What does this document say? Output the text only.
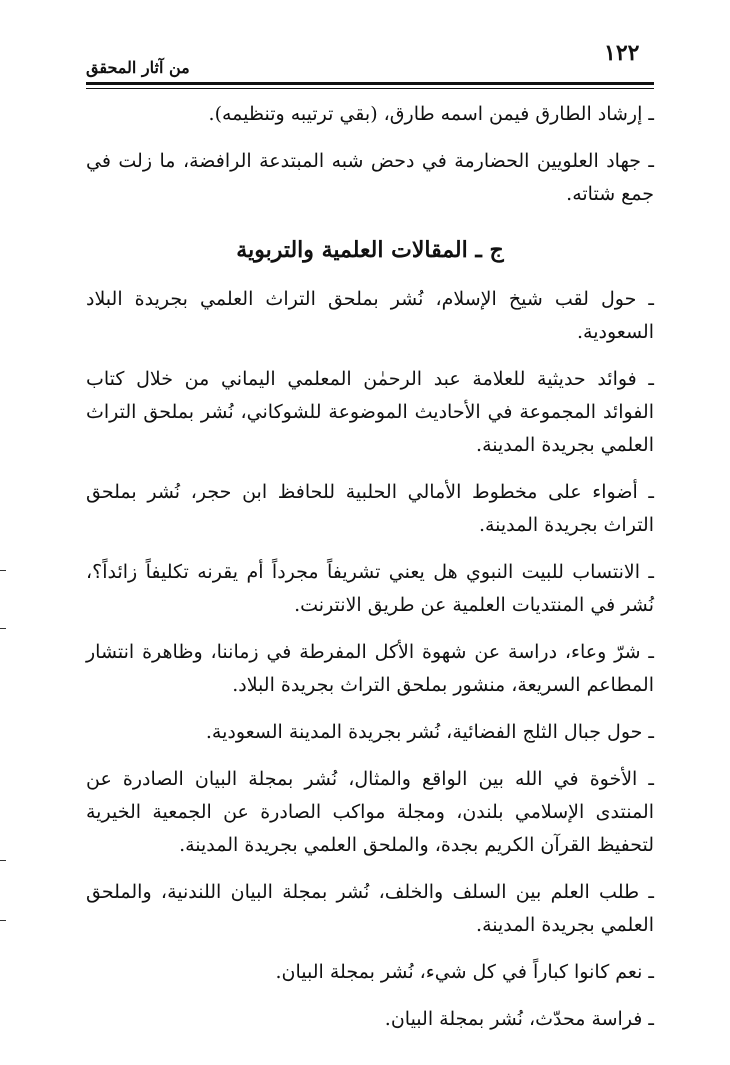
١٢٢
من آثار المحقق

ـ إرشاد الطارق فيمن اسمه طارق، (بقي ترتيبه وتنظيمه).

ـ جهاد العلويين الحضارمة في دحض شبه المبتدعة الرافضة، ما زلت في جمع شتاته.

ج ـ المقالات العلمية والتربوية

ـ حول لقب شيخ الإسلام، نُشر بملحق التراث العلمي بجريدة البلاد السعودية.

ـ فوائد حديثية للعلامة عبد الرحمٰن المعلمي اليماني من خلال كتاب الفوائد المجموعة في الأحاديث الموضوعة للشوكاني، نُشر بملحق التراث العلمي بجريدة المدينة.

ـ أضواء على مخطوط الأمالي الحلبية للحافظ ابن حجر، نُشر بملحق التراث بجريدة المدينة.

ـ الانتساب للبيت النبوي هل يعني تشريفاً مجرداً أم يقرنه تكليفاً زائداً؟، نُشر في المنتديات العلمية عن طريق الانترنت.

ـ شرّ وعاء، دراسة عن شهوة الأكل المفرطة في زماننا، وظاهرة انتشار المطاعم السريعة، منشور بملحق التراث بجريدة البلاد.

ـ حول جبال الثلج الفضائية، نُشر بجريدة المدينة السعودية.

ـ الأخوة في الله بين الواقع والمثال، نُشر بمجلة البيان الصادرة عن المنتدى الإسلامي بلندن، ومجلة مواكب الصادرة عن الجمعية الخيرية لتحفيظ القرآن الكريم بجدة، والملحق العلمي بجريدة المدينة.

ـ طلب العلم بين السلف والخلف، نُشر بمجلة البيان اللندنية، والملحق العلمي بجريدة المدينة.

ـ نعم كانوا كباراً في كل شيء، نُشر بمجلة البيان.

ـ فراسة محدّث، نُشر بمجلة البيان.
